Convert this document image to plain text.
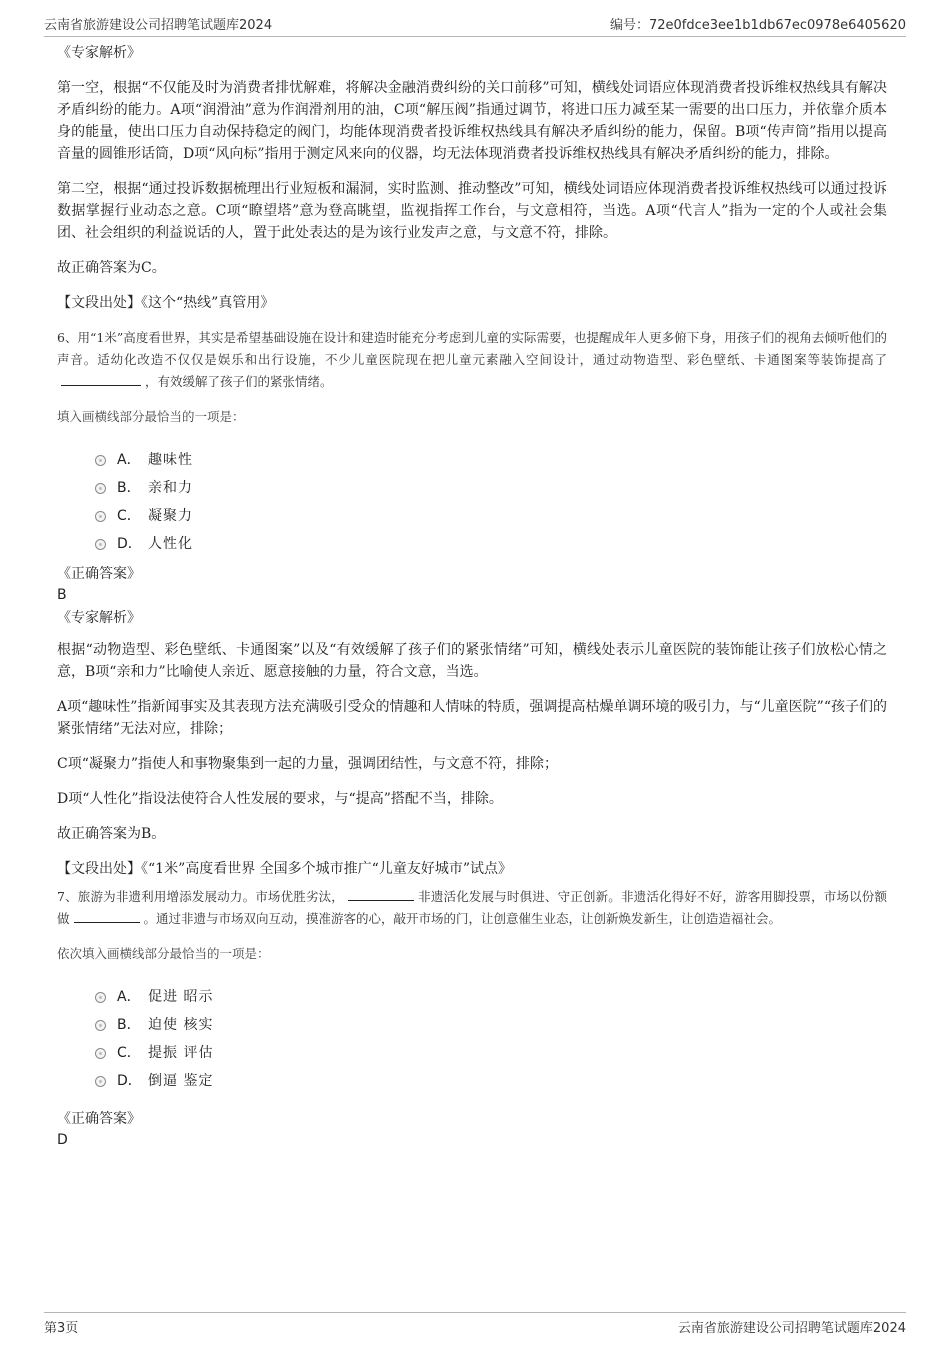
云南省旅游建设公司招聘笔试题库2024	编号：72e0fdce3ee1b1db67ec0978e6405620
《专家解析》

第一空，根据“不仅能及时为消费者排忧解难，将解决金融消费纠纷的关口前移”可知，横线处词语应体现消费者投诉维权热线具有解决矛盾纠纷的能力。A项“润滑油”意为作润滑剂用的油，C项“解压阀”指通过调节，将进口压力减至某一需要的出口压力，并依靠介质本身的能量，使出口压力自动保持稳定的阀门，均能体现消费者投诉维权热线具有解决矛盾纠纷的能力，保留。B项“传声筒”指用以提高音量的圆锥形话筒，D项“风向标”指用于测定风来向的仪器，均无法体现消费者投诉维权热线具有解决矛盾纠纷的能力，排除。

第二空，根据“通过投诉数据梳理出行业短板和漏洞，实时监测、推动整改”可知，横线处词语应体现消费者投诉维权热线可以通过投诉数据掌握行业动态之意。C项“瞭望塔”意为登高眺望，监视指挥工作台，与文意相符，当选。A项“代言人”指为一定的个人或社会集团、社会组织的利益说话的人，置于此处表达的是为该行业发声之意，与文意不符，排除。

故正确答案为C。

【文段出处】《这个“热线”真管用》

6、用“1米”高度看世界，其实是希望基础设施在设计和建造时能充分考虑到儿童的实际需要，也提醒成年人更多俯下身，用孩子们的视角去倾听他们的声音。适幼化改造不仅仅是娱乐和出行设施，不少儿童医院现在把儿童元素融入空间设计，通过动物造型、彩色壁纸、卡通图案等装饰提高了，有效缓解了孩子们的紧张情绪。
填入画横线部分最恰当的一项是：
A． 趣味性
B． 亲和力
C． 凝聚力
D． 人性化
《正确答案》
B
《专家解析》

根据“动物造型、彩色壁纸、卡通图案”以及“有效缓解了孩子们的紧张情绪”可知，横线处表示儿童医院的装饰能让孩子们放松心情之意，B项“亲和力”比喻使人亲近、愿意接触的力量，符合文意，当选。

A项“趣味性”指新闻事实及其表现方法充满吸引受众的情趣和人情味的特质，强调提高枯燥单调环境的吸引力，与“儿童医院”“孩子们的紧张情绪”无法对应，排除；

C项“凝聚力”指使人和事物聚集到一起的力量，强调团结性，与文意不符，排除；

D项“人性化”指设法使符合人性发展的要求，与“提高”搭配不当，排除。

故正确答案为B。

【文段出处】《“1米”高度看世界 全国多个城市推广“儿童友好城市”试点》

7、旅游为非遗利用增添发展动力。市场优胜劣汰，	非遗活化发展与时俱进、守正创新。非遗活化得好不好，游客用脚投票，市场以份额做	。通过非遗与市场双向互动，摸准游客的心，敲开市场的门，让创意催生业态，让创新焕发新生，让创造造福社会。
依次填入画横线部分最恰当的一项是：
A． 促进 昭示
B． 迫使 核实
C． 提振 评估
D． 倒逼 鉴定
《正确答案》
D
第3页	云南省旅游建设公司招聘笔试题库2024
